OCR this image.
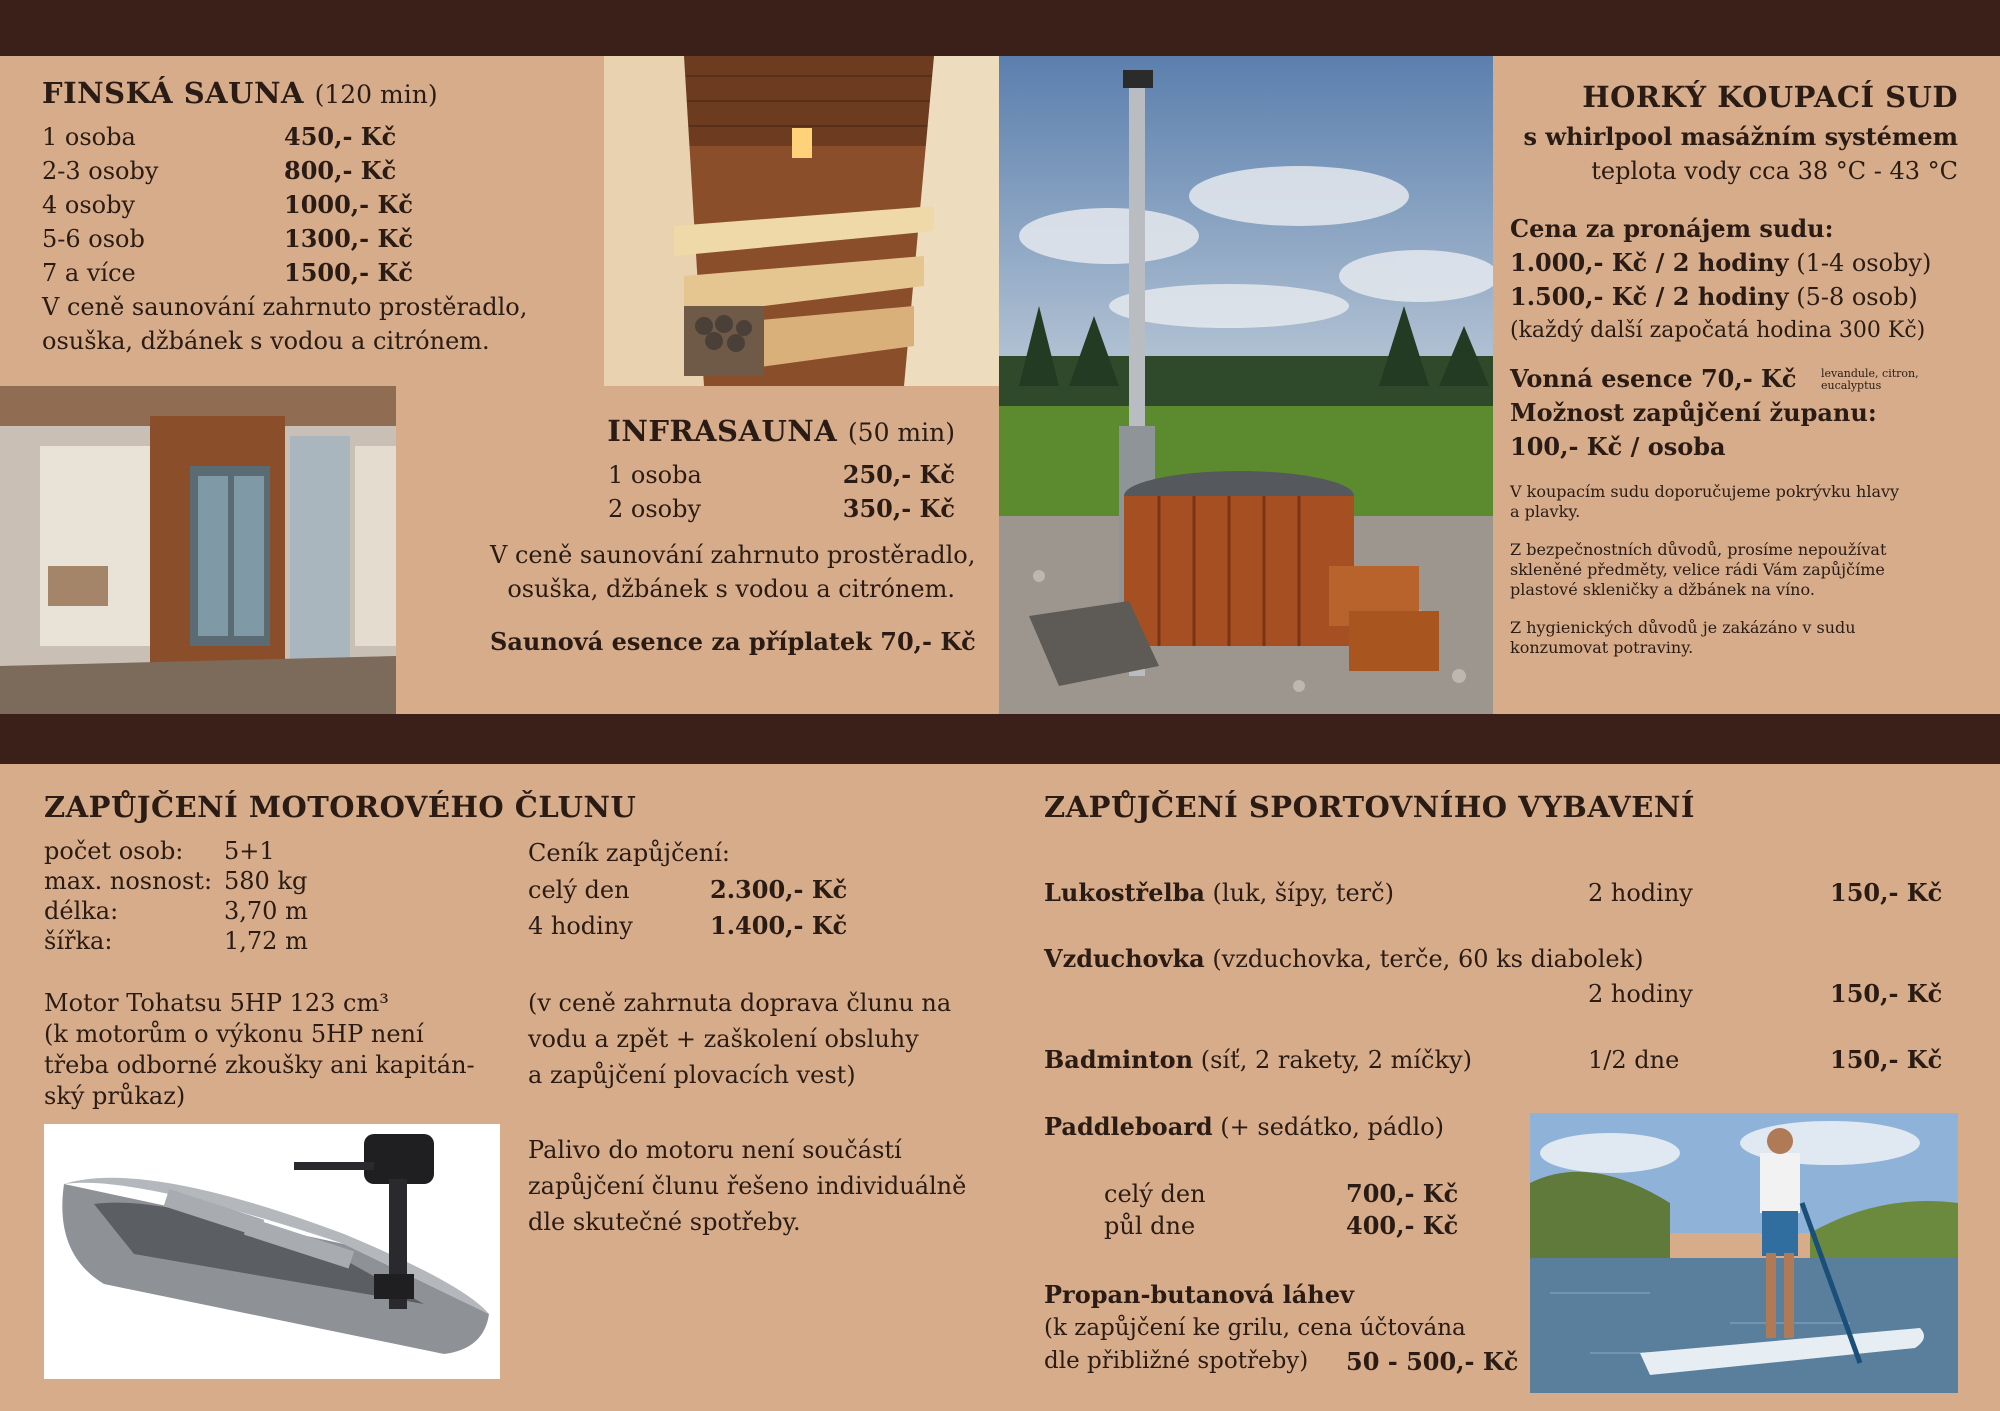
FINSKÁ SAUNA (120 min)
1 osoba	450,- Kč
2-3 osoby	800,- Kč
4 osoby	1000,- Kč
5-6 osob	1300,- Kč
7 a více	1500,- Kč
V ceně saunování zahrnuto prostěradlo,
osuška, džbánek s vodou a citrónem.
INFRASAUNA (50 min)
1 osoba	250,- Kč
2 osoby	350,- Kč
V ceně saunování zahrnuto prostěradlo,
osuška, džbánek s vodou a citrónem.
Saunová esence za příplatek 70,- Kč
HORKÝ KOUPACÍ SUD
s whirlpool masážním systémem
teplota vody cca 38 °C - 43 °C
Cena za pronájem sudu:
1.000,- Kč / 2 hodiny (1-4 osoby)
1.500,- Kč / 2 hodiny (5-8 osob)
(každý další započatá hodina 300 Kč)
Vonná esence 70,- Kč	levandule, citron,
eucalyptus
Možnost zapůjčení županu:
100,- Kč / osoba
V koupacím sudu doporučujeme pokrývku hlavy
a plavky.
Z bezpečnostních důvodů, prosíme nepoužívat
skleněné předměty, velice rádi Vám zapůjčíme
plastové skleničky a džbánek na víno.
Z hygienických důvodů je zakázáno v sudu
konzumovat potraviny.
ZAPŮJČENÍ MOTOROVÉHO ČLUNU
počet osob:	5+1
max. nosnost:	580 kg
délka:	3,70 m
šířka:	1,72 m
Motor Tohatsu 5HP 123 cm³
(k motorům o výkonu 5HP není
třeba odborné zkoušky ani kapitán-
ský průkaz)
Ceník zapůjčení:
celý den	2.300,- Kč
4 hodiny	1.400,- Kč
(v ceně zahrnuta doprava člunu na
vodu a zpět + zaškolení obsluhy
a zapůjčení plovacích vest)
Palivo do motoru není součástí
zapůjčení člunu řešeno individuálně
dle skutečné spotřeby.
ZAPŮJČENÍ SPORTOVNÍHO VYBAVENÍ
Lukostřelba (luk, šípy, terč)	2 hodiny	150,- Kč
Vzduchovka (vzduchovka, terče, 60 ks diabolek)
2 hodiny	150,- Kč
Badminton (síť, 2 rakety, 2 míčky)	1/2 dne	150,- Kč
Paddleboard (+ sedátko, pádlo)
celý den	700,- Kč
půl dne	400,- Kč
Propan-butanová láhev
(k zapůjčení ke grilu, cena účtována
dle přibližné spotřeby) 50 - 500,- Kč
